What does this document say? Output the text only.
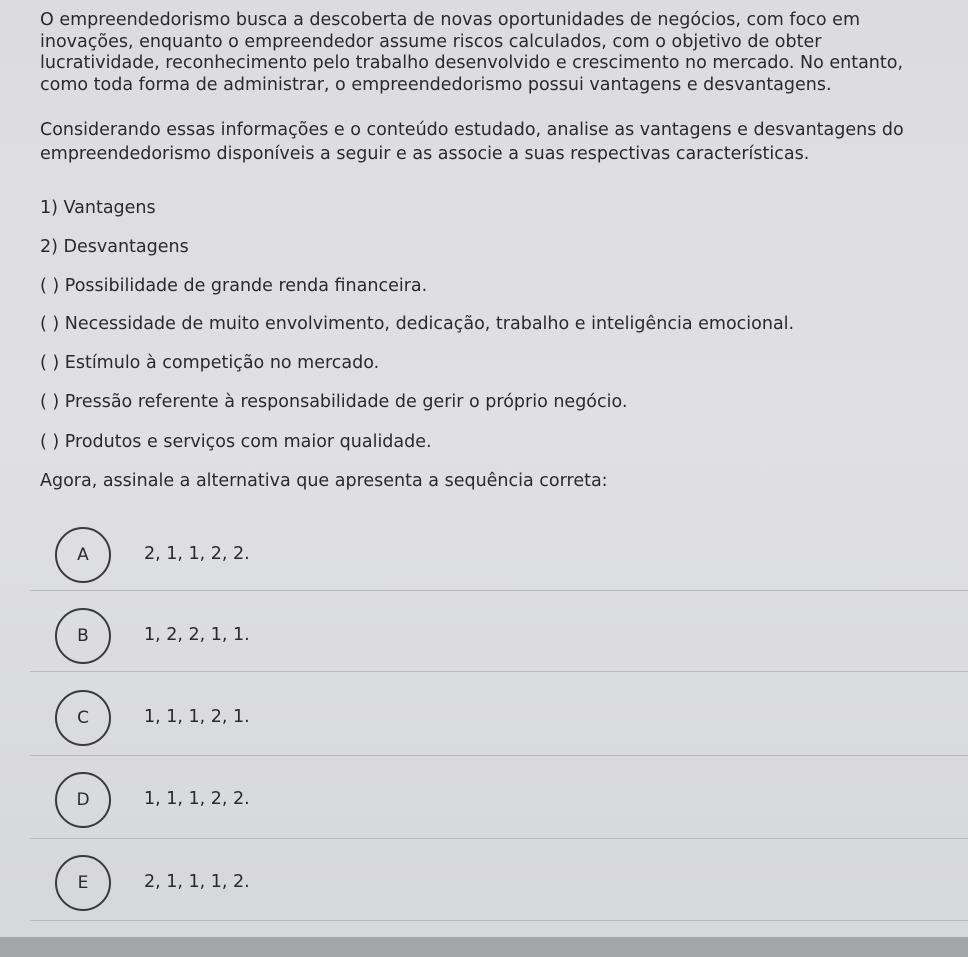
O empreendedorismo busca a descoberta de novas oportunidades de negócios, com foco em inovações, enquanto o empreendedor assume riscos calculados, com o objetivo de obter lucratividade, reconhecimento pelo trabalho desenvolvido e crescimento no mercado. No entanto, como toda forma de administrar, o empreendedorismo possui vantagens e desvantagens.

Considerando essas informações e o conteúdo estudado, analise as vantagens e desvantagens do empreendedorismo disponíveis a seguir e as associe a suas respectivas características.

1) Vantagens

2) Desvantagens

( ) Possibilidade de grande renda financeira.

( ) Necessidade de muito envolvimento, dedicação, trabalho e inteligência emocional.

( ) Estímulo à competição no mercado.

( ) Pressão referente à responsabilidade de gerir o próprio negócio.

( ) Produtos e serviços com maior qualidade.

Agora, assinale a alternativa que apresenta a sequência correta:

A	2, 1, 1, 2, 2.
B	1, 2, 2, 1, 1.
C	1, 1, 1, 2, 1.
D	1, 1, 1, 2, 2.
E	2, 1, 1, 1, 2.
